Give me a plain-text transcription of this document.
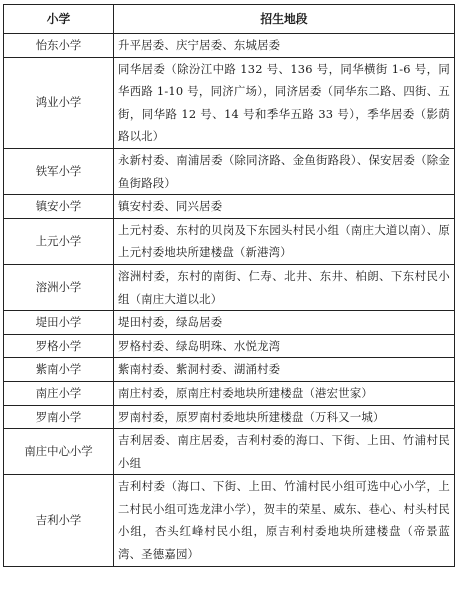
小学	招生地段
怡东小学	升平居委、庆宁居委、东城居委
鸿业小学	同华居委（除汾江中路 132 号、136 号，同华横街 1-6 号，同华西路 1-10 号，同济广场），同济居委（同华东二路、四街、五街，同华路 12 号、14 号和季华五路 33 号），季华居委（影荫路以北）
铁军小学	永新村委、南浦居委（除同济路、金鱼街路段）、保安居委（除金鱼街路段）
镇安小学	镇安村委、同兴居委
上元小学	上元村委、东村的贝岗及下东园头村民小组（南庄大道以南）、原上元村委地块所建楼盘（新港湾）
溶洲小学	溶洲村委，东村的南街、仁寿、北井、东井、柏朗、下东村民小组（南庄大道以北）
堤田小学	堤田村委，绿岛居委
罗格小学	罗格村委、绿岛明珠、水悦龙湾
紫南小学	紫南村委、紫洞村委、湖涌村委
南庄小学	南庄村委，原南庄村委地块所建楼盘（港宏世家）
罗南小学	罗南村委，原罗南村委地块所建楼盘（万科又一城）
南庄中心小学	吉利居委、南庄居委，吉利村委的海口、下街、上田、竹浦村民小组
吉利小学	吉利村委（海口、下街、上田、竹浦村民小组可选中心小学，上二村民小组可选龙津小学），贺丰的荣星、威东、巷心、村头村民小组，杏头红峰村民小组，原吉利村委地块所建楼盘（帝景蓝湾、圣德嘉园）
